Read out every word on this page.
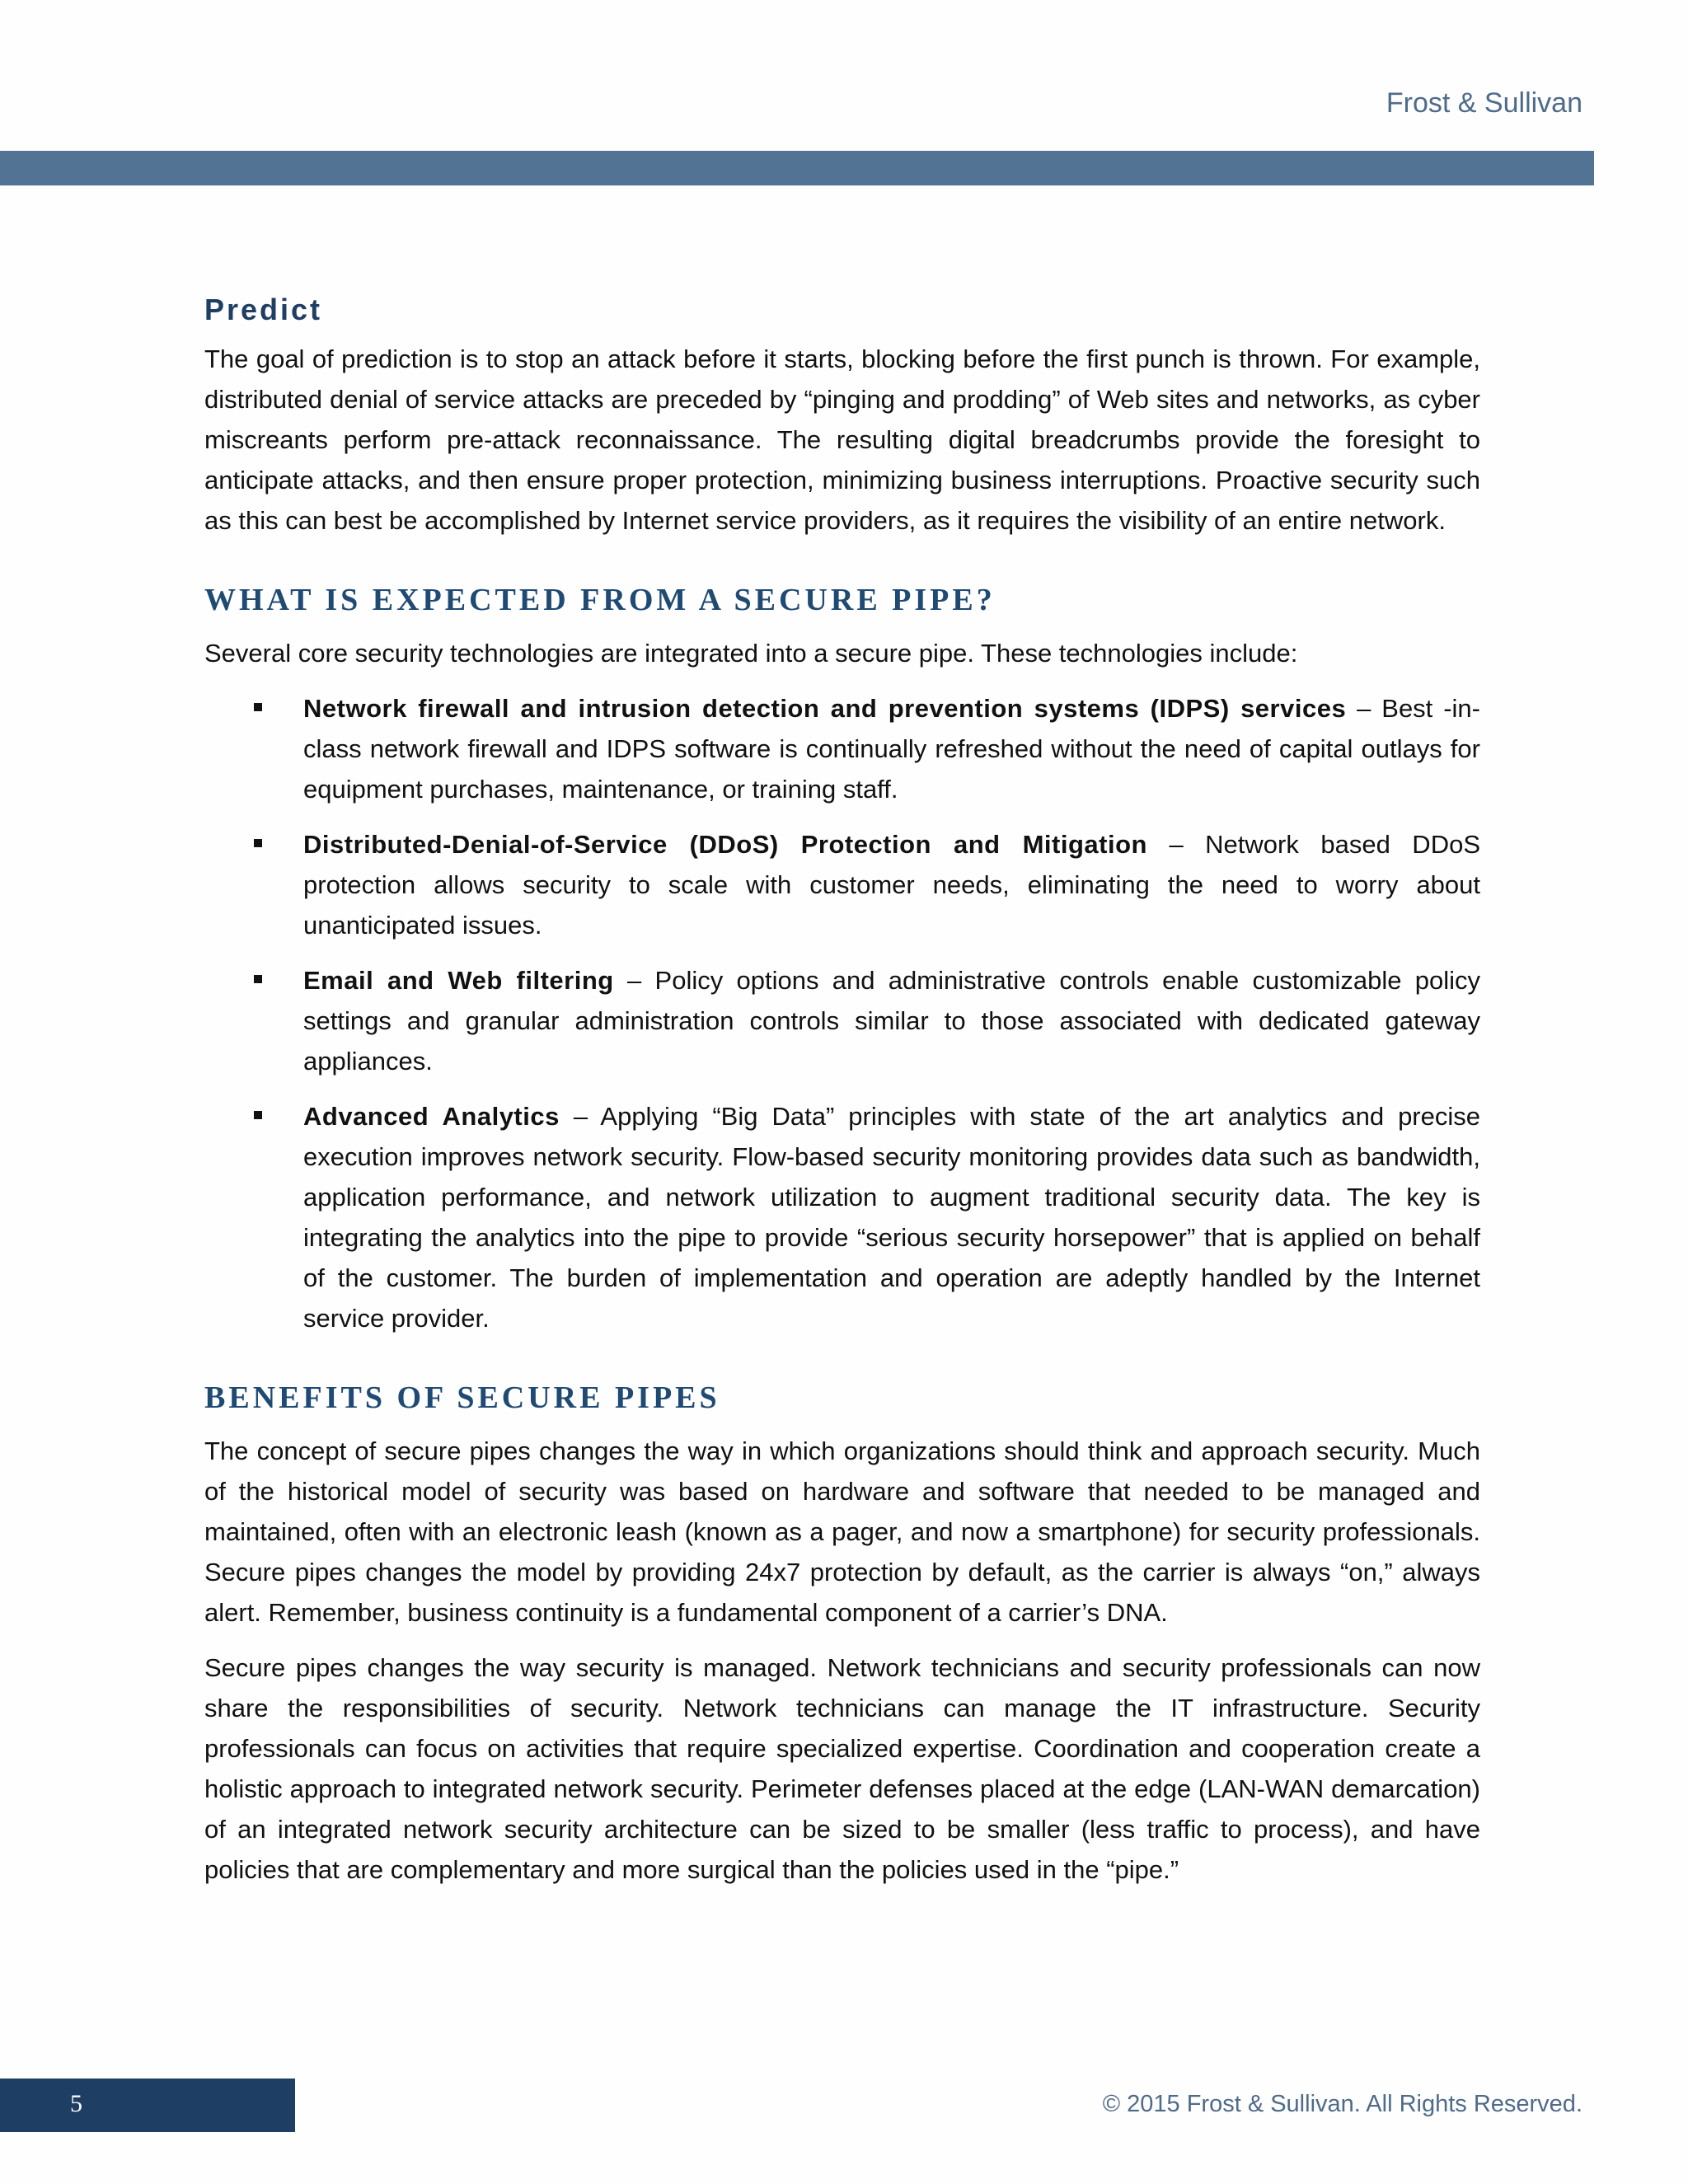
Frost & Sullivan
Predict

The goal of prediction is to stop an attack before it starts, blocking before the first punch is thrown. For example, distributed denial of service attacks are preceded by “pinging and prodding” of Web sites and networks, as cyber miscreants perform pre-attack reconnaissance. The resulting digital breadcrumbs provide the foresight to anticipate attacks, and then ensure proper protection, minimizing business interruptions. Proactive security such as this can best be accomplished by Internet service providers, as it requires the visibility of an entire network.

WHAT IS EXPECTED FROM A SECURE PIPE?

Several core security technologies are integrated into a secure pipe. These technologies include:

Network firewall and intrusion detection and prevention systems (IDPS) services – Best -in-class network firewall and IDPS software is continually refreshed without the need of capital outlays for equipment purchases, maintenance, or training staff.
Distributed-Denial-of-Service (DDoS) Protection and Mitigation – Network based DDoS protection allows security to scale with customer needs, eliminating the need to worry about unanticipated issues.
Email and Web filtering – Policy options and administrative controls enable customizable policy settings and granular administration controls similar to those associated with dedicated gateway appliances.
Advanced Analytics – Applying “Big Data” principles with state of the art analytics and precise execution improves network security. Flow-based security monitoring provides data such as bandwidth, application performance, and network utilization to augment traditional security data. The key is integrating the analytics into the pipe to provide “serious security horsepower” that is applied on behalf of the customer. The burden of implementation and operation are adeptly handled by the Internet service provider.
BENEFITS OF SECURE PIPES

The concept of secure pipes changes the way in which organizations should think and approach security. Much of the historical model of security was based on hardware and software that needed to be managed and maintained, often with an electronic leash (known as a pager, and now a smartphone) for security professionals. Secure pipes changes the model by providing 24x7 protection by default, as the carrier is always “on,” always alert. Remember, business continuity is a fundamental component of a carrier’s DNA.

Secure pipes changes the way security is managed. Network technicians and security professionals can now share the responsibilities of security. Network technicians can manage the IT infrastructure. Security professionals can focus on activities that require specialized expertise. Coordination and cooperation create a holistic approach to integrated network security. Perimeter defenses placed at the edge (LAN-WAN demarcation) of an integrated network security architecture can be sized to be smaller (less traffic to process), and have policies that are complementary and more surgical than the policies used in the “pipe.”

5	© 2015 Frost & Sullivan. All Rights Reserved.
